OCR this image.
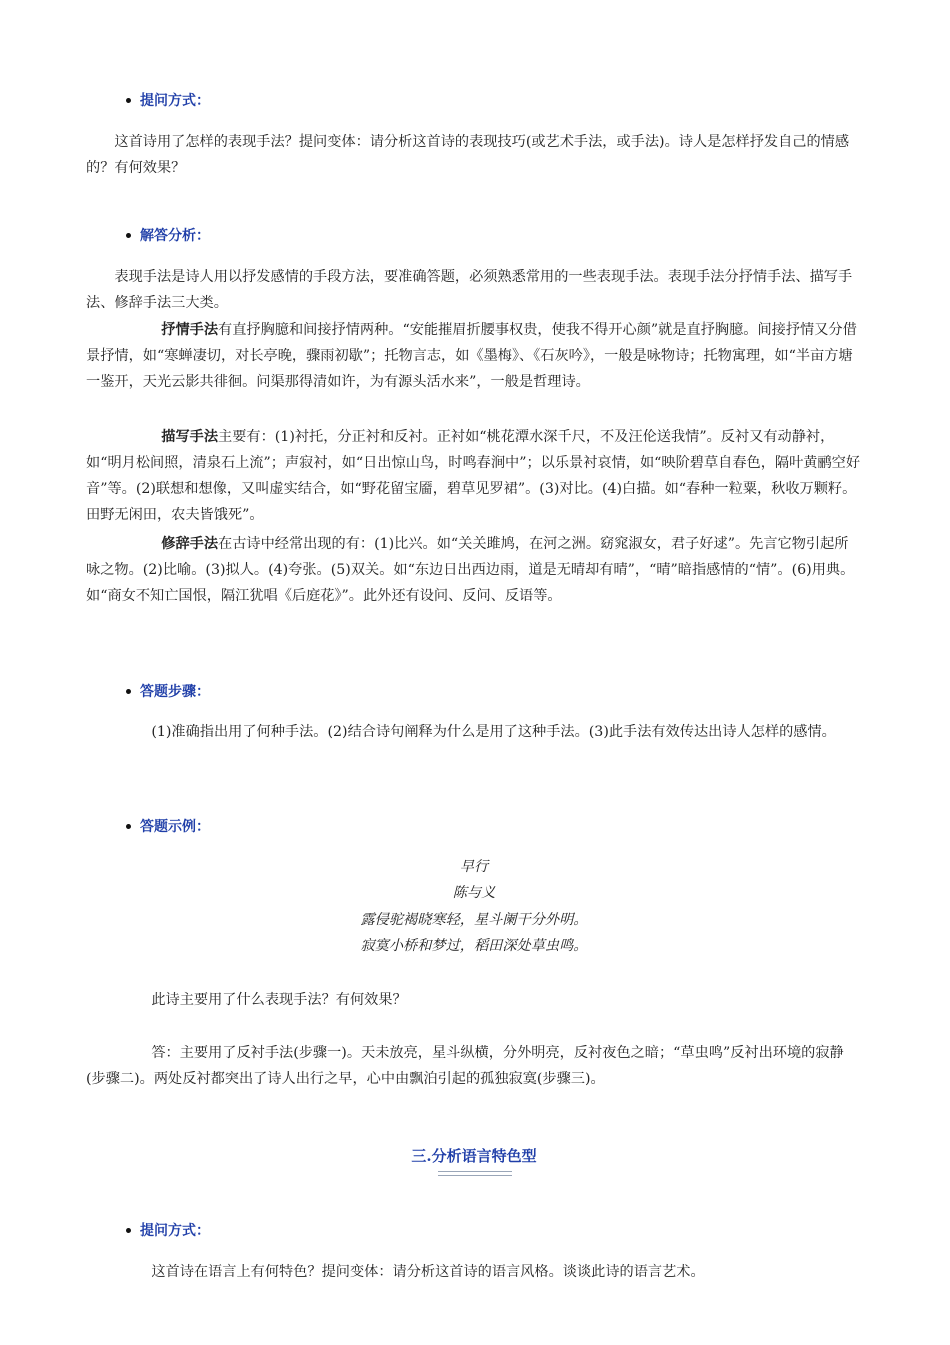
提问方式：

这首诗用了怎样的表现手法？提问变体：请分析这首诗的表现技巧(或艺术手法，或手法)。诗人是怎样抒发自己的情感的？有何效果？

解答分析：

表现手法是诗人用以抒发感情的手段方法，要准确答题，必须熟悉常用的一些表现手法。表现手法分抒情手法、描写手法、修辞手法三大类。

抒情手法有直抒胸臆和间接抒情两种。“安能摧眉折腰事权贵，使我不得开心颜”就是直抒胸臆。间接抒情又分借景抒情，如“寒蝉凄切，对长亭晚，骤雨初歇”；托物言志，如《墨梅》、《石灰吟》，一般是咏物诗；托物寓理，如“半亩方塘一鉴开，天光云影共徘徊。问渠那得清如许，为有源头活水来”，一般是哲理诗。

描写手法主要有：(1)衬托，分正衬和反衬。正衬如“桃花潭水深千尺，不及汪伦送我情”。反衬又有动静衬，如“明月松间照，清泉石上流”；声寂衬，如“日出惊山鸟，时鸣春涧中”；以乐景衬哀情，如“映阶碧草自春色，隔叶黄鹂空好音”等。(2)联想和想像，又叫虚实结合，如“野花留宝靥，碧草见罗裙”。(3)对比。(4)白描。如“春种一粒粟，秋收万颗籽。田野无闲田，农夫皆饿死”。

修辞手法在古诗中经常出现的有：(1)比兴。如“关关雎鸠，在河之洲。窈窕淑女，君子好逑”。先言它物引起所咏之物。(2)比喻。(3)拟人。(4)夸张。(5)双关。如“东边日出西边雨，道是无晴却有晴”，“晴”暗指感情的“情”。(6)用典。如“商女不知亡国恨，隔江犹唱《后庭花》”。此外还有设问、反问、反语等。

答题步骤：

(1)准确指出用了何种手法。(2)结合诗句阐释为什么是用了这种手法。(3)此手法有效传达出诗人怎样的感情。

答题示例：
早行
陈与义
露侵驼褐晓寒轻，星斗阑干分外明。
寂寞小桥和梦过，稻田深处草虫鸣。

此诗主要用了什么表现手法？有何效果？

答：主要用了反衬手法(步骤一)。天未放亮，星斗纵横，分外明亮，反衬夜色之暗；“草虫鸣”反衬出环境的寂静(步骤二)。两处反衬都突出了诗人出行之早，心中由飘泊引起的孤独寂寞(步骤三)。

三.分析语言特色型
提问方式：

这首诗在语言上有何特色？提问变体：请分析这首诗的语言风格。谈谈此诗的语言艺术。
